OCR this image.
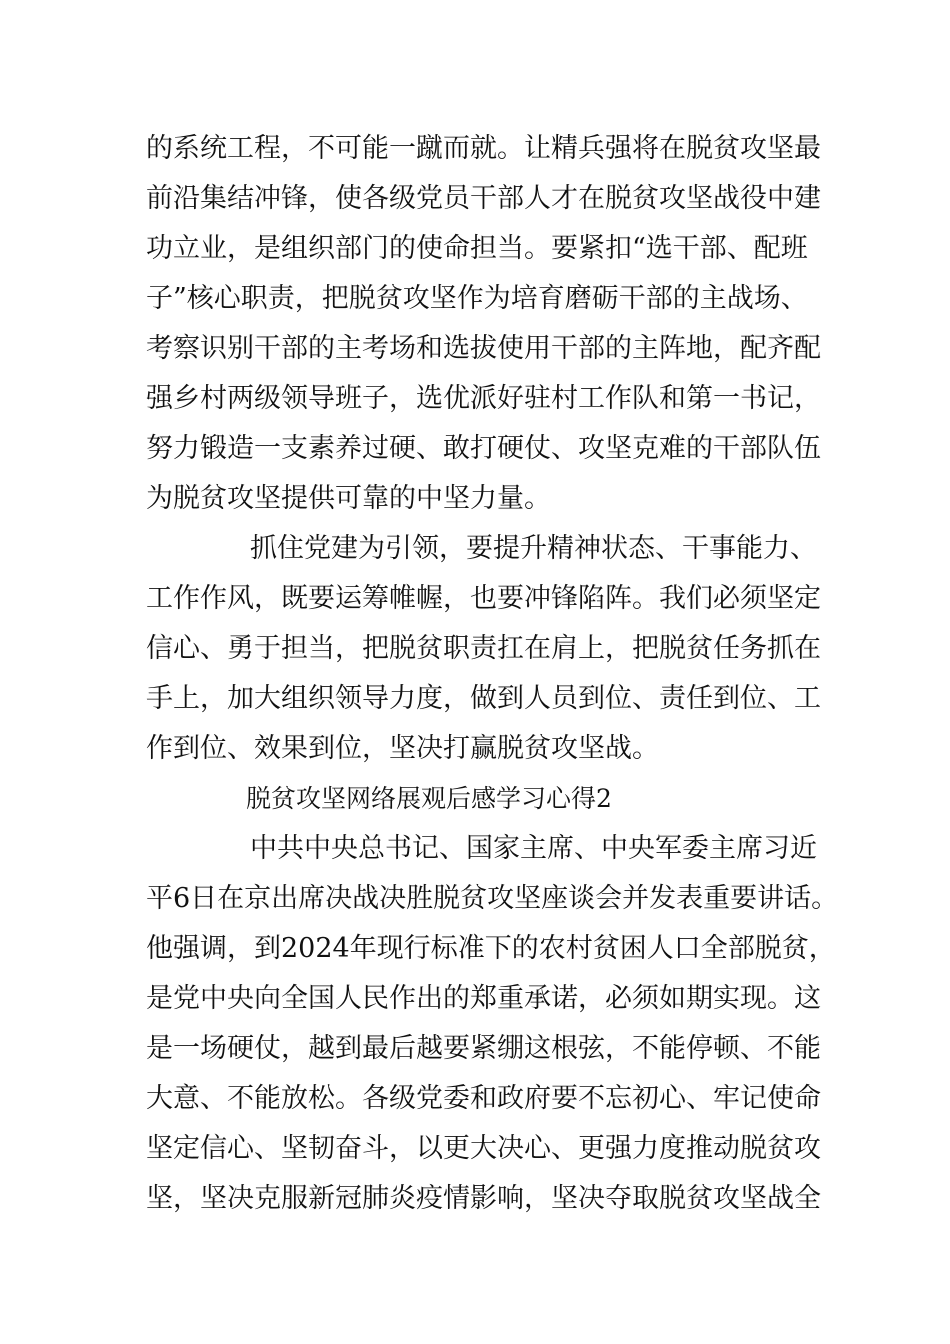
的系统工程，不可能一蹴而就。让精兵强将在脱贫攻坚最
前沿集结冲锋，使各级党员干部人才在脱贫攻坚战役中建
功立业，是组织部门的使命担当。要紧扣“选干部、配班
子”核心职责，把脱贫攻坚作为培育磨砺干部的主战场、
考察识别干部的主考场和选拔使用干部的主阵地，配齐配
强乡村两级领导班子，选优派好驻村工作队和第一书记，
努力锻造一支素养过硬、敢打硬仗、攻坚克难的干部队伍
为脱贫攻坚提供可靠的中坚力量。
抓住党建为引领，要提升精神状态、干事能力、
工作作风，既要运筹帷幄，也要冲锋陷阵。我们必须坚定
信心、勇于担当，把脱贫职责扛在肩上，把脱贫任务抓在
手上，加大组织领导力度，做到人员到位、责任到位、工
作到位、效果到位，坚决打赢脱贫攻坚战。
脱贫攻坚网络展观后感学习心得2
中共中央总书记、国家主席、中央军委主席习近
平6日在京出席决战决胜脱贫攻坚座谈会并发表重要讲话。
他强调，到2024年现行标准下的农村贫困人口全部脱贫，
是党中央向全国人民作出的郑重承诺，必须如期实现。这
是一场硬仗，越到最后越要紧绷这根弦，不能停顿、不能
大意、不能放松。各级党委和政府要不忘初心、牢记使命
坚定信心、坚韧奋斗，以更大决心、更强力度推动脱贫攻
坚，坚决克服新冠肺炎疫情影响，坚决夺取脱贫攻坚战全
